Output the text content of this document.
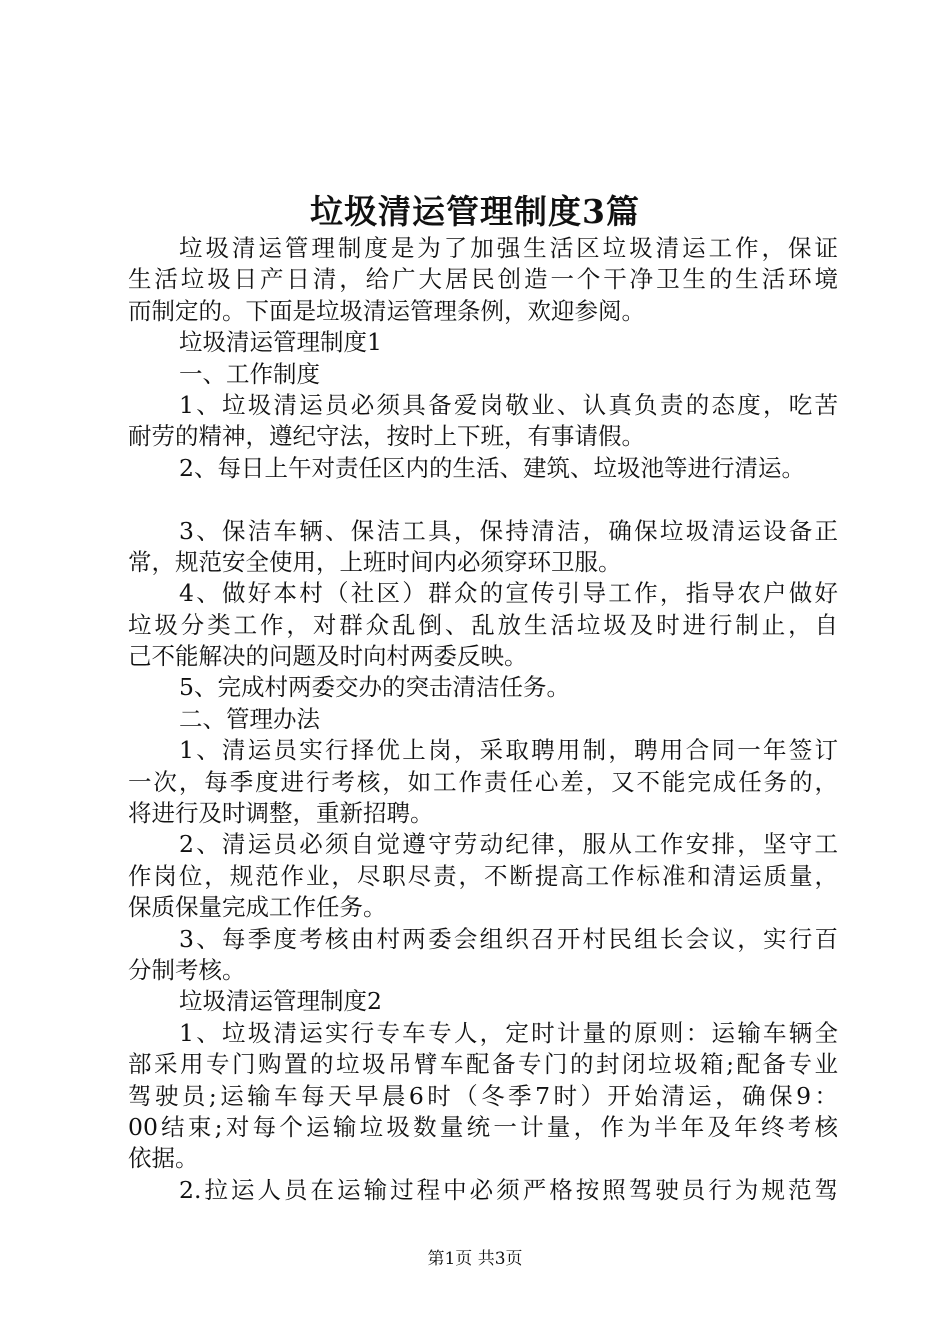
垃圾清运管理制度3篇
垃圾清运管理制度是为了加强生活区垃圾清运工作，保证
生活垃圾日产日清，给广大居民创造一个干净卫生的生活环境
而制定的。下面是垃圾清运管理条例，欢迎参阅。
垃圾清运管理制度1
一、工作制度
1、垃圾清运员必须具备爱岗敬业、认真负责的态度，吃苦
耐劳的精神，遵纪守法，按时上下班，有事请假。
2、每日上午对责任区内的生活、建筑、垃圾池等进行清运。
3、保洁车辆、保洁工具，保持清洁，确保垃圾清运设备正
常，规范安全使用，上班时间内必须穿环卫服。
4、做好本村（社区）群众的宣传引导工作，指导农户做好
垃圾分类工作，对群众乱倒、乱放生活垃圾及时进行制止，自
己不能解决的问题及时向村两委反映。
5、完成村两委交办的突击清洁任务。
二、管理办法
1、清运员实行择优上岗，采取聘用制，聘用合同一年签订
一次，每季度进行考核，如工作责任心差，又不能完成任务的，
将进行及时调整，重新招聘。
2、清运员必须自觉遵守劳动纪律，服从工作安排，坚守工
作岗位，规范作业，尽职尽责，不断提高工作标准和清运质量，
保质保量完成工作任务。
3、每季度考核由村两委会组织召开村民组长会议，实行百
分制考核。
垃圾清运管理制度2
1、垃圾清运实行专车专人，定时计量的原则：运输车辆全
部采用专门购置的垃圾吊臂车配备专门的封闭垃圾箱;配备专业
驾驶员;运输车每天早晨6时（冬季7时）开始清运，确保9：
00结束;对每个运输垃圾数量统一计量，作为半年及年终考核
依据。
2.拉运人员在运输过程中必须严格按照驾驶员行为规范驾
第1页 共3页
